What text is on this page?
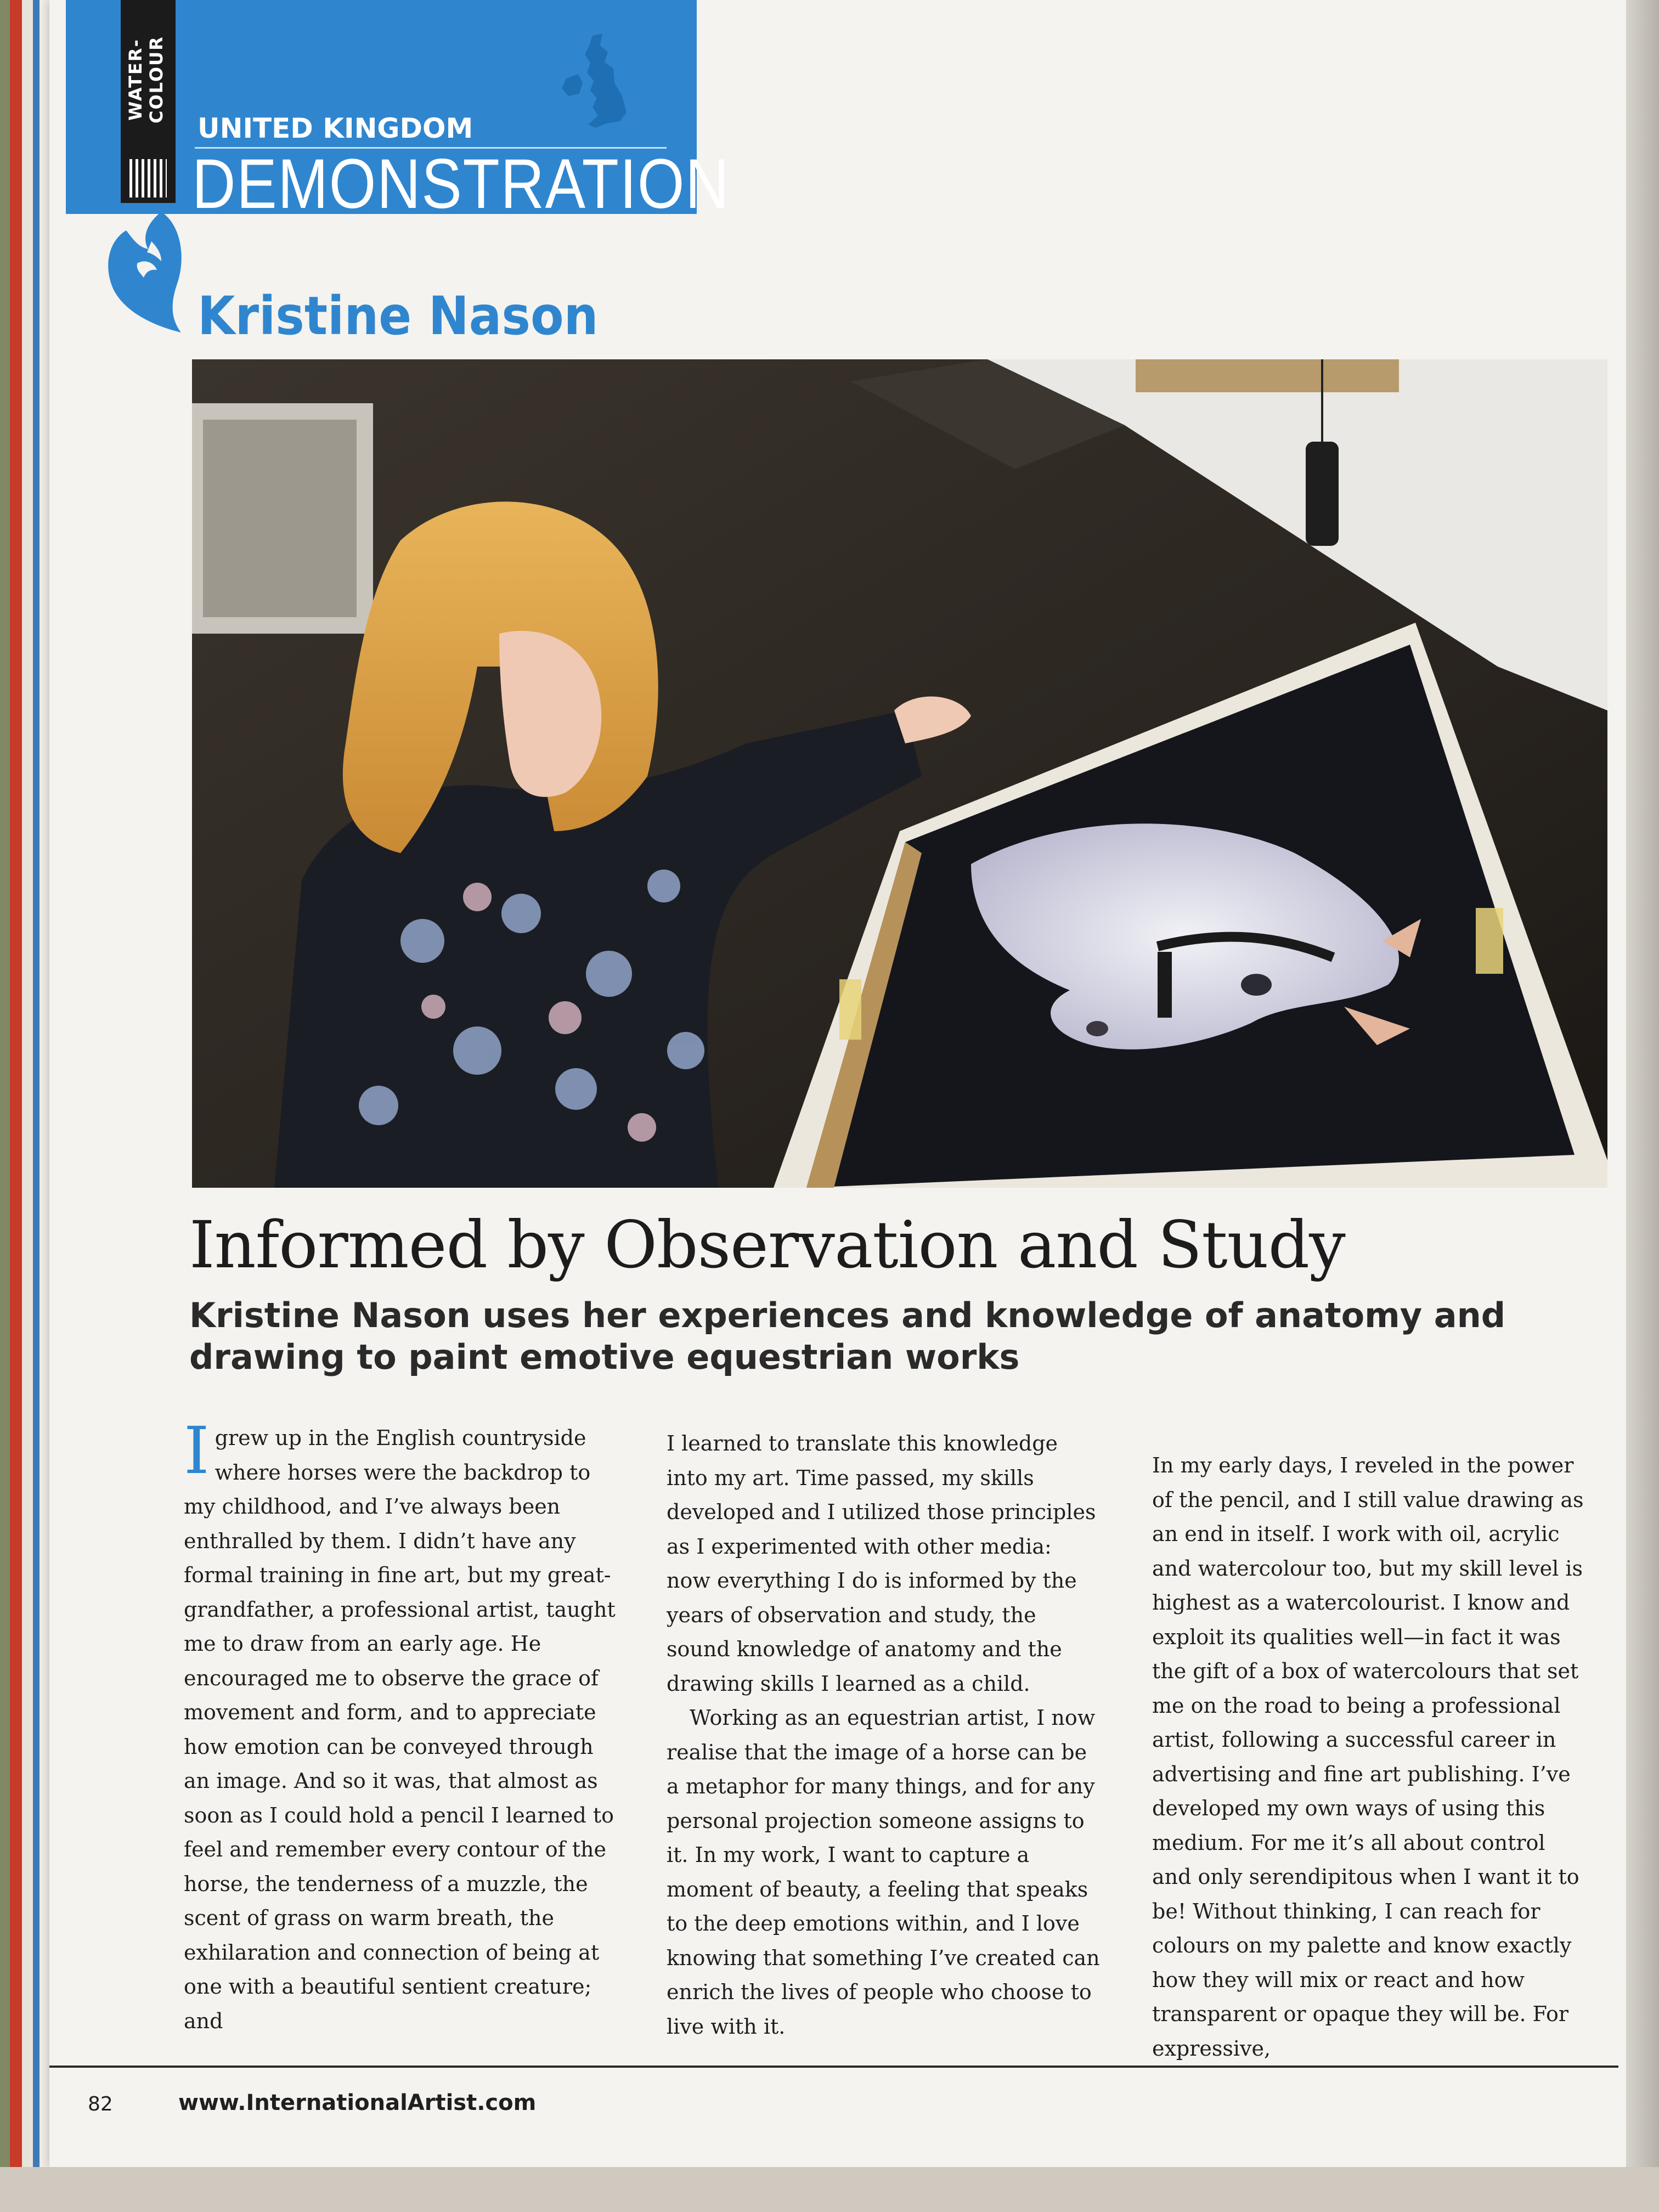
WATER-COLOUR
UNITED KINGDOM
DEMONSTRATION
Kristine Nason
Informed by Observation and Study
Kristine Nason uses her experiences and knowledge of anatomy and drawing to paint emotive equestrian works

Igrew up in the English countryside where horses were the backdrop to my childhood, and I’ve always been enthralled by them. I didn’t have any formal training in fine art, but my great-grandfather, a professional artist, taught me to draw from an early age. He encouraged me to observe the grace of movement and form, and to appreciate how emotion can be conveyed through an image. And so it was, that almost as soon as I could hold a pencil I learned to feel and remember every contour of the horse, the tenderness of a muzzle, the scent of grass on warm breath, the exhilaration and connection of being at one with a beautiful sentient creature; and

I learned to translate this knowledge into my art. Time passed, my skills developed and I utilized those principles as I experimented with other media: now everything I do is informed by the years of observation and study, the sound knowledge of anatomy and the drawing skills I learned as a child.

Working as an equestrian artist, I now realise that the image of a horse can be a metaphor for many things, and for any personal projection someone assigns to it. In my work, I want to capture a moment of beauty, a feeling that speaks to the deep emotions within, and I love knowing that something I’ve created can enrich the lives of people who choose to live with it.

In my early days, I reveled in the power of the pencil, and I still value drawing as an end in itself. I work with oil, acrylic and watercolour too, but my skill level is highest as a watercolourist. I know and exploit its qualities well—in fact it was the gift of a box of watercolours that set me on the road to being a professional artist, following a successful career in advertising and fine art publishing. I’ve developed my own ways of using this medium. For me it’s all about control and only serendipitous when I want it to be! Without thinking, I can reach for colours on my palette and know exactly how they will mix or react and how transparent or opaque they will be. For expressive,

82	www.InternationalArtist.com
